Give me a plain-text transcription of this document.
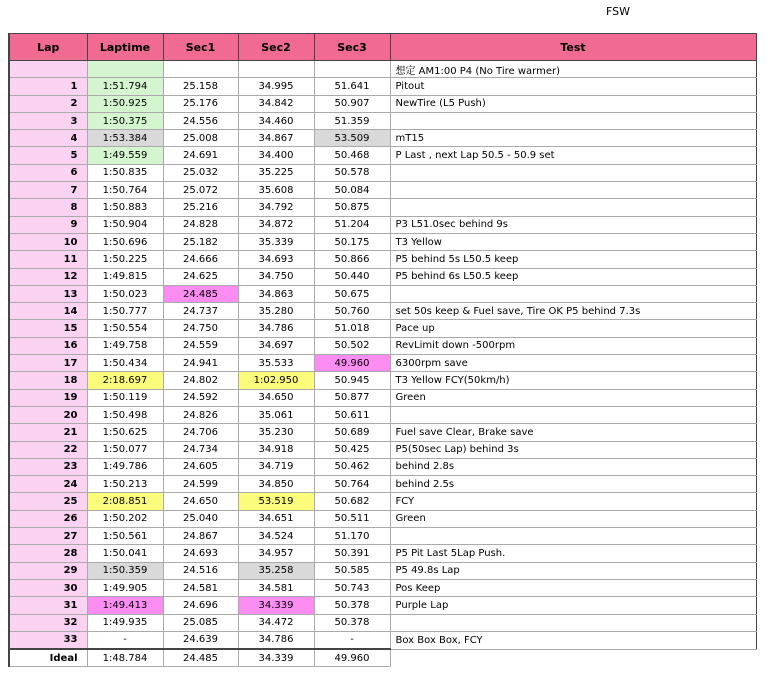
FSW
Lap	Laptime	Sec1	Sec2	Sec3	Test
					想定 AM1:00 P4 (No Tire warmer)
1	1:51.794	25.158	34.995	51.641	Pitout
2	1:50.925	25.176	34.842	50.907	NewTire (L5 Push)
3	1:50.375	24.556	34.460	51.359	
4	1:53.384	25.008	34.867	53.509	mT15
5	1:49.559	24.691	34.400	50.468	P Last , next Lap 50.5 - 50.9 set
6	1:50.835	25.032	35.225	50.578	
7	1:50.764	25.072	35.608	50.084	
8	1:50.883	25.216	34.792	50.875	
9	1:50.904	24.828	34.872	51.204	P3 L51.0sec behind 9s
10	1:50.696	25.182	35.339	50.175	T3 Yellow
11	1:50.225	24.666	34.693	50.866	P5 behind 5s L50.5 keep
12	1:49.815	24.625	34.750	50.440	P5 behind 6s L50.5 keep
13	1:50.023	24.485	34.863	50.675	
14	1:50.777	24.737	35.280	50.760	set 50s keep & Fuel save, Tire OK P5 behind 7.3s
15	1:50.554	24.750	34.786	51.018	Pace up
16	1:49.758	24.559	34.697	50.502	RevLimit down -500rpm
17	1:50.434	24.941	35.533	49.960	6300rpm save
18	2:18.697	24.802	1:02.950	50.945	T3 Yellow FCY(50km/h)
19	1:50.119	24.592	34.650	50.877	Green
20	1:50.498	24.826	35.061	50.611	
21	1:50.625	24.706	35.230	50.689	Fuel save Clear, Brake save
22	1:50.077	24.734	34.918	50.425	P5(50sec Lap) behind 3s
23	1:49.786	24.605	34.719	50.462	behind 2.8s
24	1:50.213	24.599	34.850	50.764	behind 2.5s
25	2:08.851	24.650	53.519	50.682	FCY
26	1:50.202	25.040	34.651	50.511	Green
27	1:50.561	24.867	34.524	51.170	
28	1:50.041	24.693	34.957	50.391	P5 Pit Last 5Lap Push.
29	1:50.359	24.516	35.258	50.585	P5 49.8s Lap
30	1:49.905	24.581	34.581	50.743	Pos Keep
31	1:49.413	24.696	34.339	50.378	Purple Lap
32	1:49.935	25.085	34.472	50.378	
33	-	24.639	34.786	-	Box Box Box, FCY
Ideal	1:48.784	24.485	34.339	49.960	
